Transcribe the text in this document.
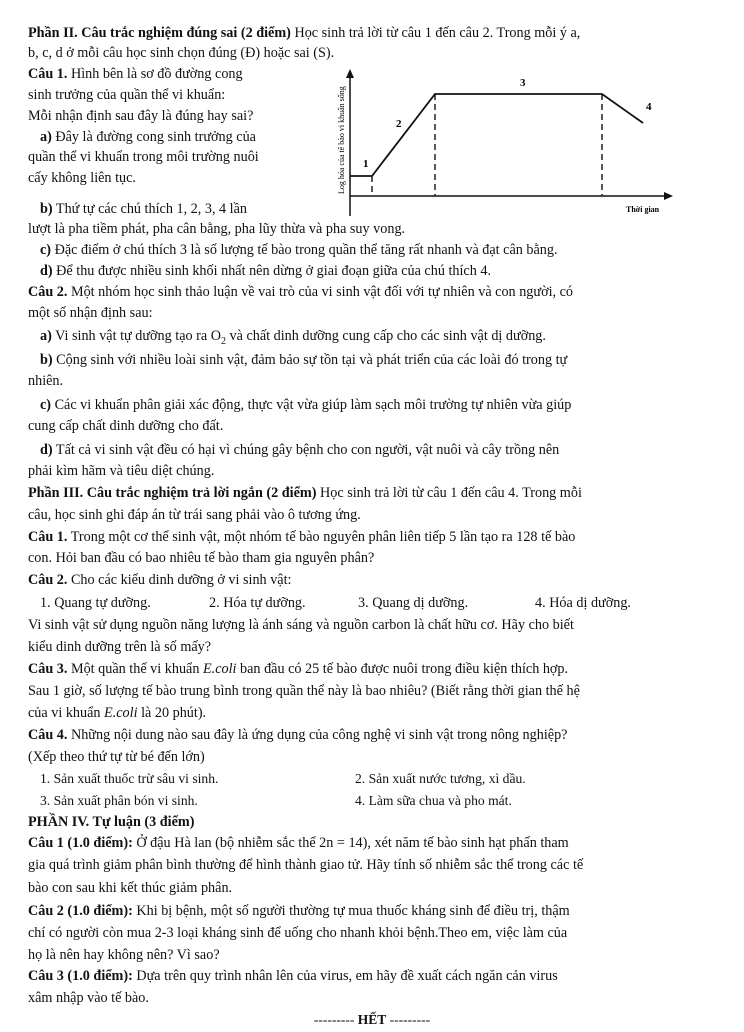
Phần II. Câu trắc nghiệm đúng sai (2 điểm) Học sinh trả lời từ câu 1 đến câu 2. Trong mỗi ý a,
b, c, d ở mỗi câu học sinh chọn đúng (Đ) hoặc sai (S).
Câu 1. Hình bên là sơ đồ đường cong
sinh trưởng của quần thể vi khuẩn:
Mỗi nhận định sau đây là đúng hay sai?
a) Đây là đường cong sinh trưởng của
quần thể vi khuẩn trong môi trường nuôi
cấy không liên tục.
b) Thứ tự các chú thích 1, 2, 3, 4 lần
lượt là pha tiềm phát, pha cân bằng, pha lũy thừa và pha suy vong.
c) Đặc điểm ở chú thích 3 là số lượng tế bào trong quần thể tăng rất nhanh và đạt cân bằng.
d) Để thu được nhiều sinh khối nhất nên dừng ở giai đoạn giữa của chú thích 4.
1
2
3
4
Log hóa của tế bào vi khuẩn sống
Thời gian
Câu 2. Một nhóm học sinh thảo luận về vai trò của vi sinh vật đối với tự nhiên và con người, có
một số nhận định sau:
a) Vi sinh vật tự dưỡng tạo ra $O_2$ và chất dinh dưỡng cung cấp cho các sinh vật dị dưỡng.
b) Cộng sinh với nhiều loài sinh vật, đảm bảo sự tồn tại và phát triển của các loài đó trong tự
nhiên.
c) Các vi khuẩn phân giải xác động, thực vật vừa giúp làm sạch môi trường tự nhiên vừa giúp
cung cấp chất dinh dưỡng cho đất.
d) Tất cả vi sinh vật đều có hại vì chúng gây bệnh cho con người, vật nuôi và cây trồng nên
phải kìm hãm và tiêu diệt chúng.
Phần III. Câu trắc nghiệm trả lời ngắn (2 điểm) Học sinh trả lời từ câu 1 đến câu 4. Trong mỗi
câu, học sinh ghi đáp án từ trái sang phải vào ô tương ứng.
Câu 1. Trong một cơ thể sinh vật, một nhóm tế bào nguyên phân liên tiếp 5 lần tạo ra 128 tế bào
con. Hỏi ban đầu có bao nhiêu tế bào tham gia nguyên phân?
Câu 2. Cho các kiểu dinh dưỡng ở vi sinh vật:
1. Quang tự dưỡng.	2. Hóa tự dưỡng.	3. Quang dị dưỡng.	4. Hóa dị dưỡng.
Vi sinh vật sử dụng nguồn năng lượng là ánh sáng và nguồn carbon là chất hữu cơ. Hãy cho biết
kiểu dinh dưỡng trên là số mấy?
Câu 3. Một quần thể vi khuẩn E.coli ban đầu có 25 tế bào được nuôi trong điều kiện thích hợp.
Sau 1 giờ, số lượng tế bào trung bình trong quần thể này là bao nhiêu? (Biết rằng thời gian thế hệ
của vi khuẩn E.coli là 20 phút).
Câu 4. Những nội dung nào sau đây là ứng dụng của công nghệ vi sinh vật trong nông nghiệp?
(Xếp theo thứ tự từ bé đến lớn)
1. Sản xuất thuốc trừ sâu vi sinh.	2. Sản xuất nước tương, xì dầu.
3. Sản xuất phân bón vi sinh.	4. Làm sữa chua và pho mát.
PHẦN IV. Tự luận (3 điểm)
Câu 1 (1.0 điểm): Ở đậu Hà lan (bộ nhiễm sắc thể 2n = 14), xét năm tế bào sinh hạt phấn tham
gia quá trình giảm phân bình thường để hình thành giao tử. Hãy tính số nhiễm sắc thể trong các tế
bào con sau khi kết thúc giảm phân.
Câu 2 (1.0 điểm): Khi bị bệnh, một số người thường tự mua thuốc kháng sinh để điều trị, thậm
chí có người còn mua 2-3 loại kháng sinh để uống cho nhanh khỏi bệnh.Theo em, việc làm của
họ là nên hay không nên? Vì sao?
Câu 3 (1.0 điểm): Dựa trên quy trình nhân lên của virus, em hãy đề xuất cách ngăn cản virus
xâm nhập vào tế bào.
--------- HẾT ---------
